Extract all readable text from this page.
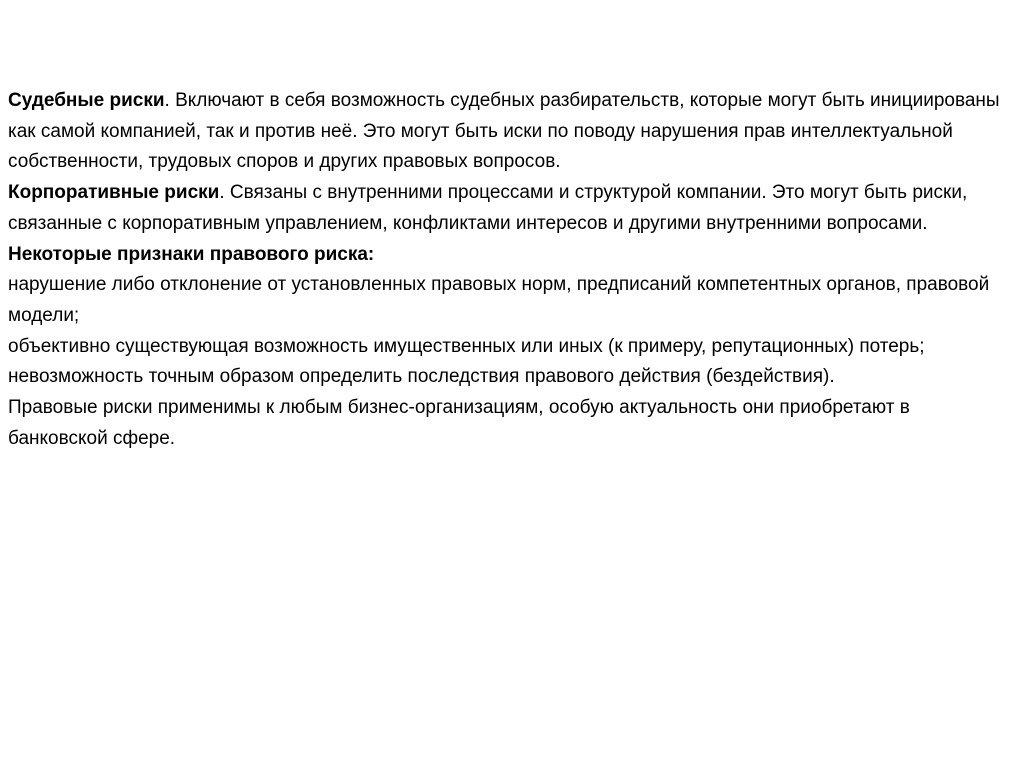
Судебные риски. Включают в себя возможность судебных разбирательств, которые могут быть инициированы как самой компанией, так и против неё. Это могут быть иски по поводу нарушения прав интеллектуальной собственности, трудовых споров и других правовых вопросов.

Корпоративные риски. Связаны с внутренними процессами и структурой компании. Это могут быть риски, связанные с корпоративным управлением, конфликтами интересов и другими внутренними вопросами.

Некоторые признаки правового риска:

нарушение либо отклонение от установленных правовых норм, предписаний компетентных органов, правовой модели;

объективно существующая возможность имущественных или иных (к примеру, репутационных) потерь;

невозможность точным образом определить последствия правового действия (бездействия).

Правовые риски применимы к любым бизнес-организациям, особую актуальность они приобретают в банковской сфере.
